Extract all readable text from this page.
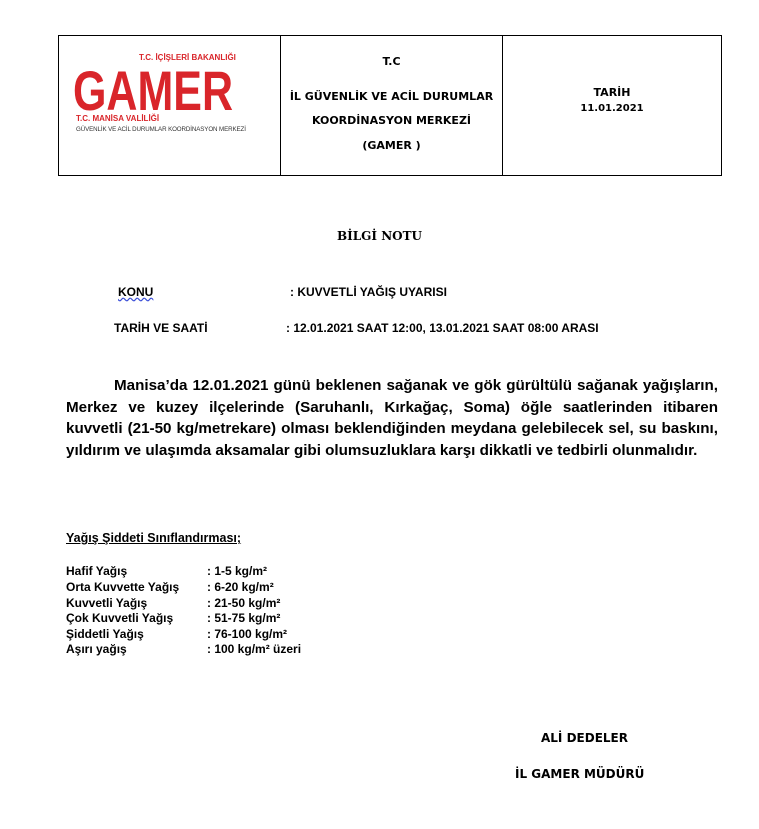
T.C. İÇİŞLERİ BAKANLIĞI
GAMER
T.C. MANİSA VALİLİĞİ
GÜVENLİK VE ACİL DURUMLAR KOORDİNASYON MERKEZİ
T.C
İL GÜVENLİK VE ACİL DURUMLAR
KOORDİNASYON MERKEZİ
(GAMER )
TARİH
11.01.2021
BİLGİ NOTU
KONU	: KUVVETLİ YAĞIŞ UYARISI
TARİH VE SAATİ	: 12.01.2021 SAAT 12:00, 13.01.2021 SAAT 08:00 ARASI
Manisa’da 12.01.2021 günü beklenen sağanak ve gök gürültülü sağanak yağışların, Merkez ve kuzey ilçelerinde (Saruhanlı, Kırkağaç, Soma) öğle saatlerinden itibaren kuvvetli (21-50 kg/metrekare) olması beklendiğinden meydana gelebilecek sel, su baskını, yıldırım ve ulaşımda aksamalar gibi olumsuzluklara karşı dikkatli ve tedbirli olunmalıdır.
Yağış Şiddeti Sınıflandırması;
Hafif Yağış	: 1-5 kg/m²
Orta Kuvvette Yağış : 6-20 kg/m²
Kuvvetli Yağış	: 21-50 kg/m²
Çok Kuvvetli Yağış	: 51-75 kg/m²
Şiddetli Yağış	: 76-100 kg/m²
Aşırı yağış	: 100 kg/m² üzeri
ALİ DEDELER
İL GAMER MÜDÜRÜ
